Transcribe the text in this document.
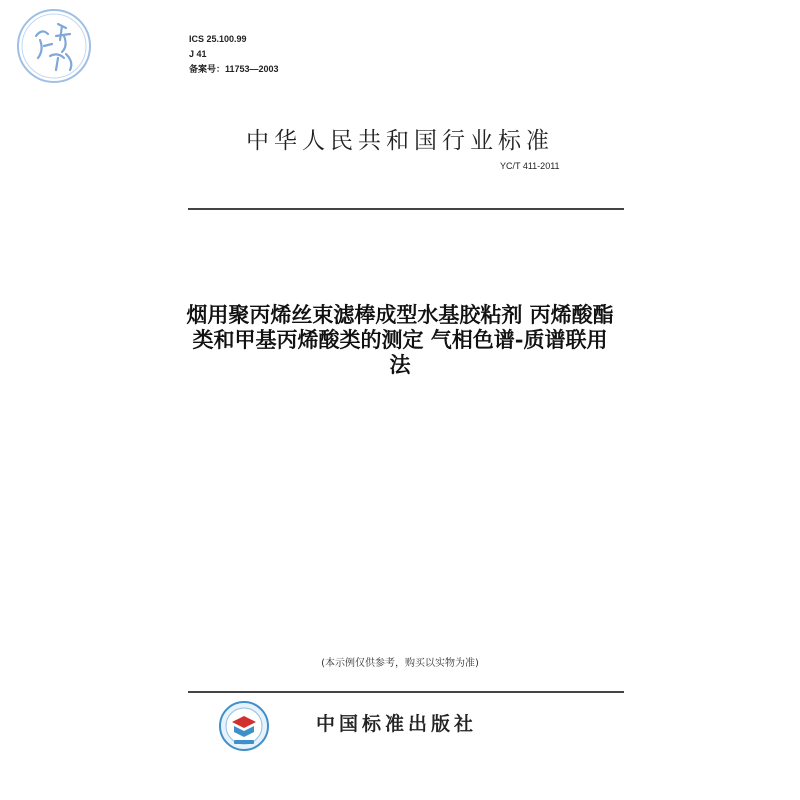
ICS 25.100.99
J 41
备案号：11753—2003
中华人民共和国行业标准
YC/T 411-2011
烟用聚丙烯丝束滤棒成型水基胶粘剂 丙烯酸酯
类和甲基丙烯酸类的测定 气相色谱-质谱联用
法
(本示例仅供参考，购买以实物为准)
中国标准出版社
